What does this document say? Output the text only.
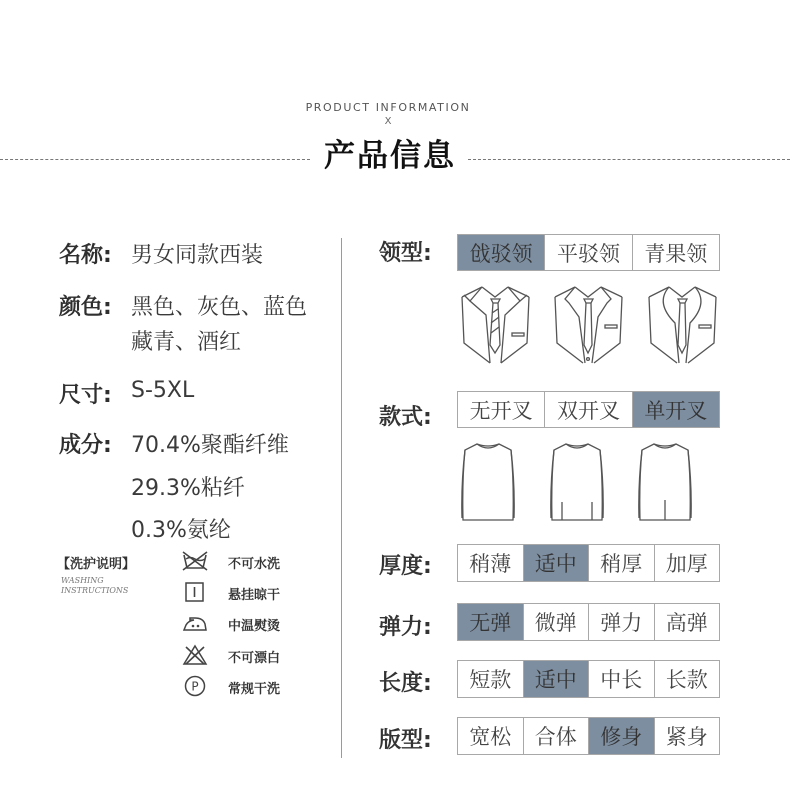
PRODUCT INFORMATION
X
产品信息
名称: 男女同款西装
颜色: 黑色、灰色、蓝色
藏青、酒红
尺寸: S-5XL
成分: 70.4%聚酯纤维
29.3%粘纤
0.3%氨纶
【洗护说明】
WASHING
INSTRUCTIONS
不可水洗
悬挂晾干
中温熨烫
不可漂白
P 常规干洗
领型:	戗驳领	平驳领	青果领
款式:	无开叉	双开叉	单开叉
厚度:	稍薄	适中	稍厚	加厚
弹力:	无弹	微弹	弹力	高弹
长度:	短款	适中	中长	长款
版型:	宽松	合体	修身	紧身
